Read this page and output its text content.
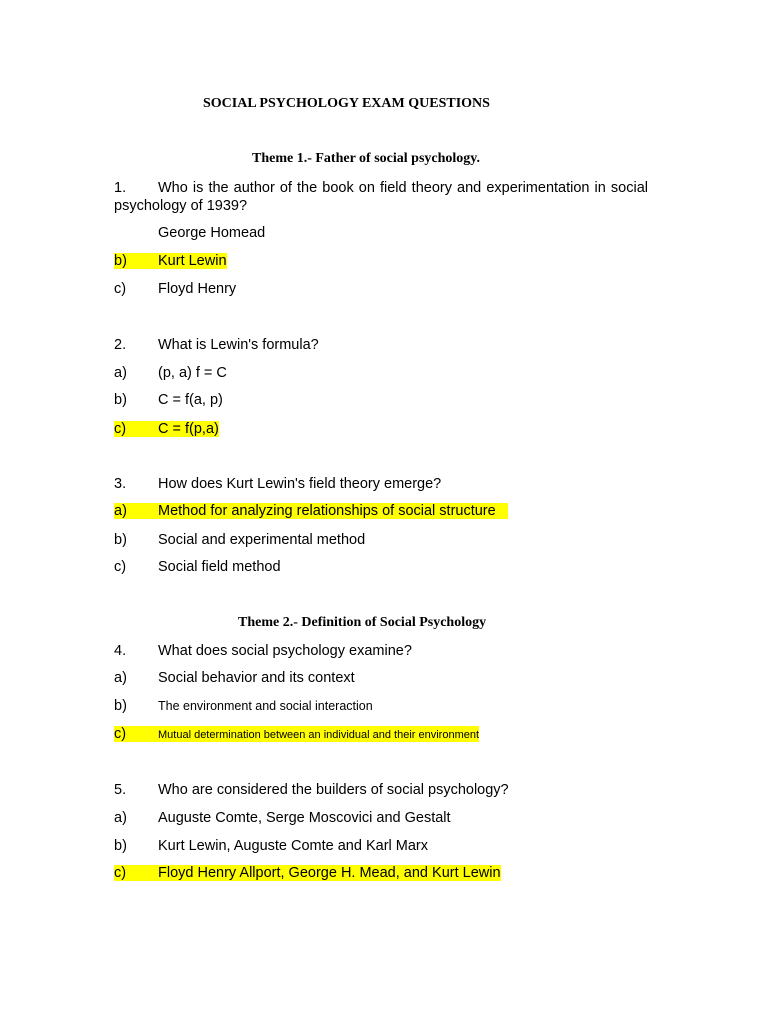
SOCIAL PSYCHOLOGY EXAM QUESTIONS
Theme 1.- Father of social psychology.
1. Who is the author of the book on field theory and experimentation in social psychology of 1939?
George Homead
b) Kurt Lewin
c) Floyd Henry
2. What is Lewin's formula?
a) (p, a) f = C
b) C = f(a, p)
c) C = f(p,a)
3. How does Kurt Lewin's field theory emerge?
a) Method for analyzing relationships of social structure
b) Social and experimental method
c) Social field method
Theme 2.- Definition of Social Psychology
4. What does social psychology examine?
a) Social behavior and its context
b) The environment and social interaction
c)	Mutual determination between an individual and their environment
5. Who are considered the builders of social psychology?
a) Auguste Comte, Serge Moscovici and Gestalt
b) Kurt Lewin, Auguste Comte and Karl Marx
c) Floyd Henry Allport, George H. Mead, and Kurt Lewin
